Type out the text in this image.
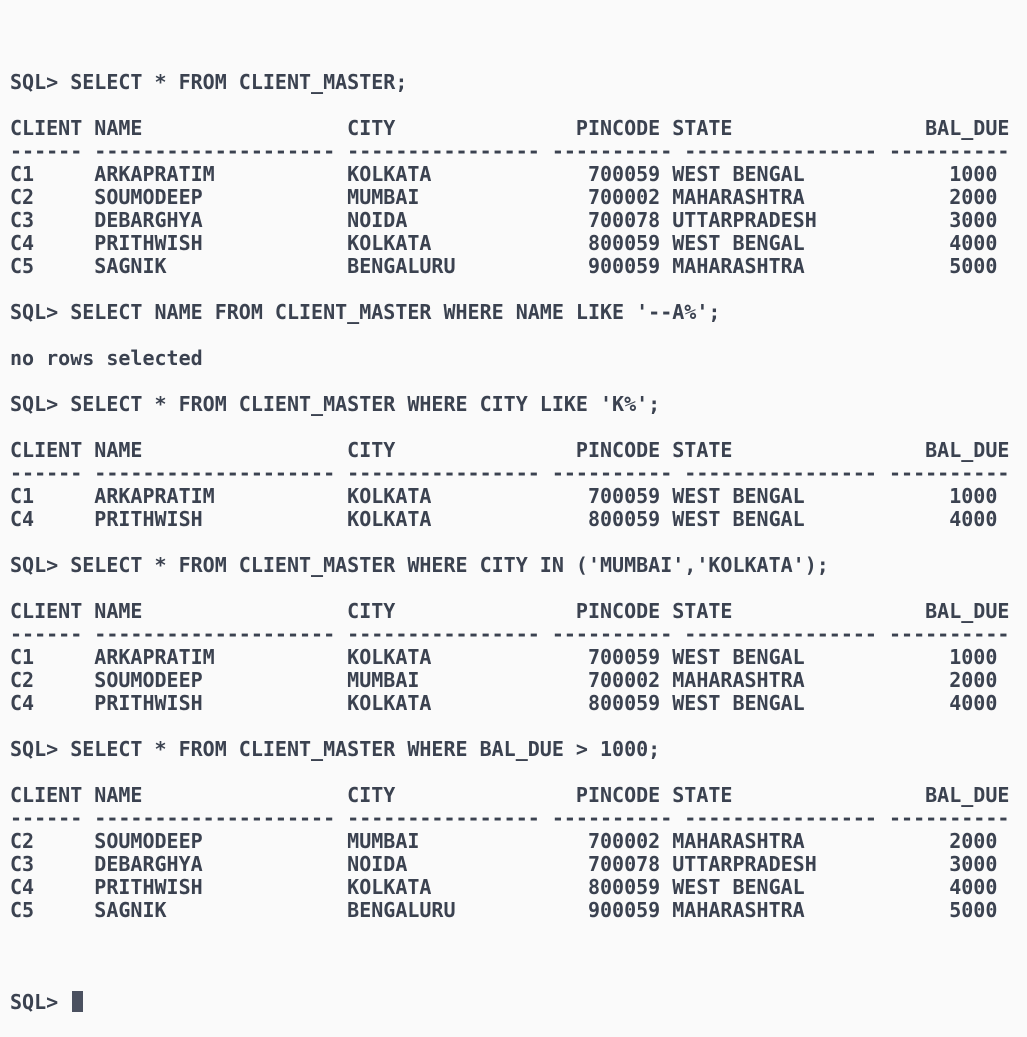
SQL> SELECT * FROM CLIENT_MASTER;
CLIENT NAME                 CITY               PINCODE STATE                BAL_DUE
------ -------------------- ---------------- ---------- ---------------- ----------
C1     ARKAPRATIM           KOLKATA             700059 WEST BENGAL            1000
C2     SOUMODEEP            MUMBAI              700002 MAHARASHTRA            2000
C3     DEBARGHYA            NOIDA               700078 UTTARPRADESH           3000
C4     PRITHWISH            KOLKATA             800059 WEST BENGAL            4000
C5     SAGNIK               BENGALURU           900059 MAHARASHTRA            5000
SQL> SELECT NAME FROM CLIENT_MASTER WHERE NAME LIKE '--A%';
no rows selected
SQL> SELECT * FROM CLIENT_MASTER WHERE CITY LIKE 'K%';
CLIENT NAME                 CITY               PINCODE STATE                BAL_DUE
------ -------------------- ---------------- ---------- ---------------- ----------
C1     ARKAPRATIM           KOLKATA             700059 WEST BENGAL            1000
C4     PRITHWISH            KOLKATA             800059 WEST BENGAL            4000
SQL> SELECT * FROM CLIENT_MASTER WHERE CITY IN ('MUMBAI','KOLKATA');
CLIENT NAME                 CITY               PINCODE STATE                BAL_DUE
------ -------------------- ---------------- ---------- ---------------- ----------
C1     ARKAPRATIM           KOLKATA             700059 WEST BENGAL            1000
C2     SOUMODEEP            MUMBAI              700002 MAHARASHTRA            2000
C4     PRITHWISH            KOLKATA             800059 WEST BENGAL            4000
SQL> SELECT * FROM CLIENT_MASTER WHERE BAL_DUE > 1000;
CLIENT NAME                 CITY               PINCODE STATE                BAL_DUE
------ -------------------- ---------------- ---------- ---------------- ----------
C2     SOUMODEEP            MUMBAI              700002 MAHARASHTRA            2000
C3     DEBARGHYA            NOIDA               700078 UTTARPRADESH           3000
C4     PRITHWISH            KOLKATA             800059 WEST BENGAL            4000
C5     SAGNIK               BENGALURU           900059 MAHARASHTRA            5000

SQL>
